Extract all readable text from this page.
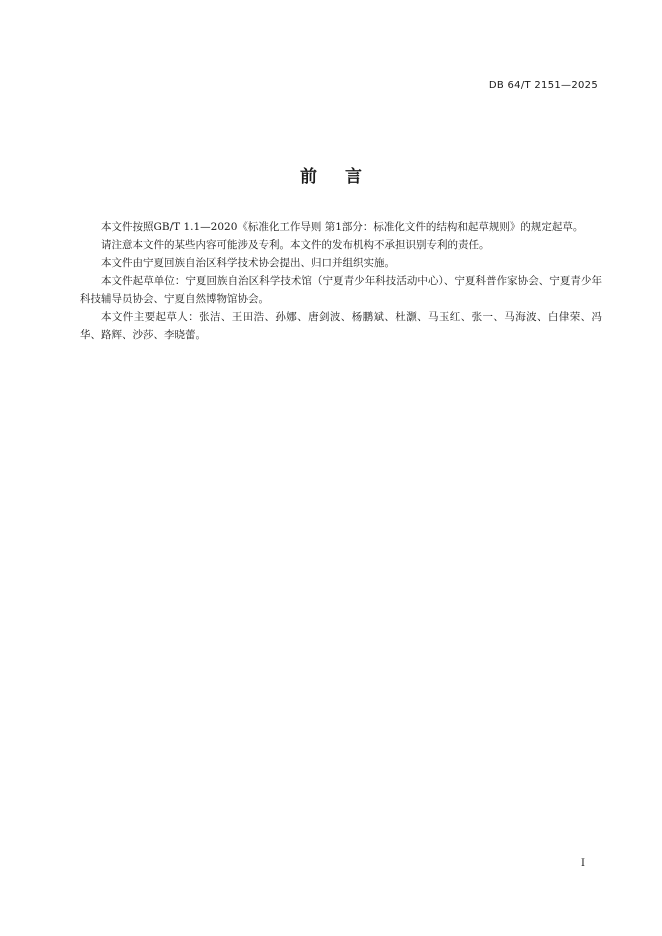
DB 64/T 2151—2025
前言

本文件按照GB/T 1.1—2020《标准化工作导则 第1部分：标准化文件的结构和起草规则》的规定起草。

请注意本文件的某些内容可能涉及专利。本文件的发布机构不承担识别专利的责任。

本文件由宁夏回族自治区科学技术协会提出、归口并组织实施。

本文件起草单位：宁夏回族自治区科学技术馆（宁夏青少年科技活动中心）、宁夏科普作家协会、宁夏青少年科技辅导员协会、宁夏自然博物馆协会。

本文件主要起草人：张洁、王田浩、孙娜、唐剑波、杨鹏斌、杜灏、马玉红、张一、马海波、白侓荣、冯华、路辉、沙莎、李晓蕾。

I
